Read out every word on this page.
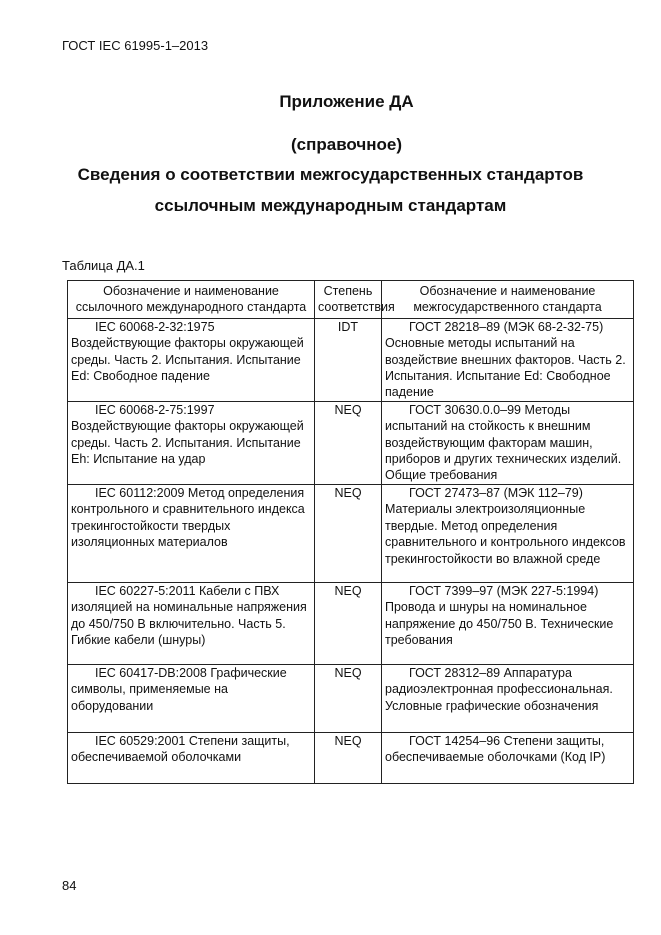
ГОСТ IEC 61995-1–2013
Приложение ДА
(справочное)
Сведения о соответствии межгосударственных стандартов
ссылочным международным стандартам
Таблица ДА.1
Обозначение и наименование ссылочного международного стандарта	Степень соответствия	Обозначение и наименование межгосударственного стандарта
IEC 60068-2-32:1975 Воздействующие факторы окружающей среды. Часть 2. Испытания. Испытание Ed: Свободное падение	IDT	ГОСТ 28218–89 (МЭК 68-2-32-75) Основные методы испытаний на воздействие внешних факторов. Часть 2. Испытания. Испытание Ed: Свободное падение
IEC 60068-2-75:1997 Воздействующие факторы окружающей среды. Часть 2. Испытания. Испытание Eh: Испытание на удар	NEQ	ГОСТ 30630.0.0–99 Методы испытаний на стойкость к внешним воздействующим факторам машин, приборов и других технических изделий. Общие требования
IEC 60112:2009 Метод определения контрольного и сравнительного индекса трекингостойкости твердых изоляционных материалов	NEQ	ГОСТ 27473–87 (МЭК 112–79) Материалы электроизоляционные твердые. Метод определения сравнительного и контрольного индексов трекингостойкости во влажной среде
IEC 60227-5:2011 Кабели с ПВХ изоляцией на номинальные напряжения до 450/750 В включительно. Часть 5. Гибкие кабели (шнуры)	NEQ	ГОСТ 7399–97 (МЭК 227-5:1994) Провода и шнуры на номинальное напряжение до 450/750 В. Технические требования
IEC 60417-DB:2008 Графические символы, применяемые на оборудовании	NEQ	ГОСТ 28312–89 Аппаратура радиоэлектронная профессиональная. Условные графические обозначения
IEC 60529:2001 Степени защиты, обеспечиваемой оболочками	NEQ	ГОСТ 14254–96 Степени защиты, обеспечиваемые оболочками (Код IP)
84
